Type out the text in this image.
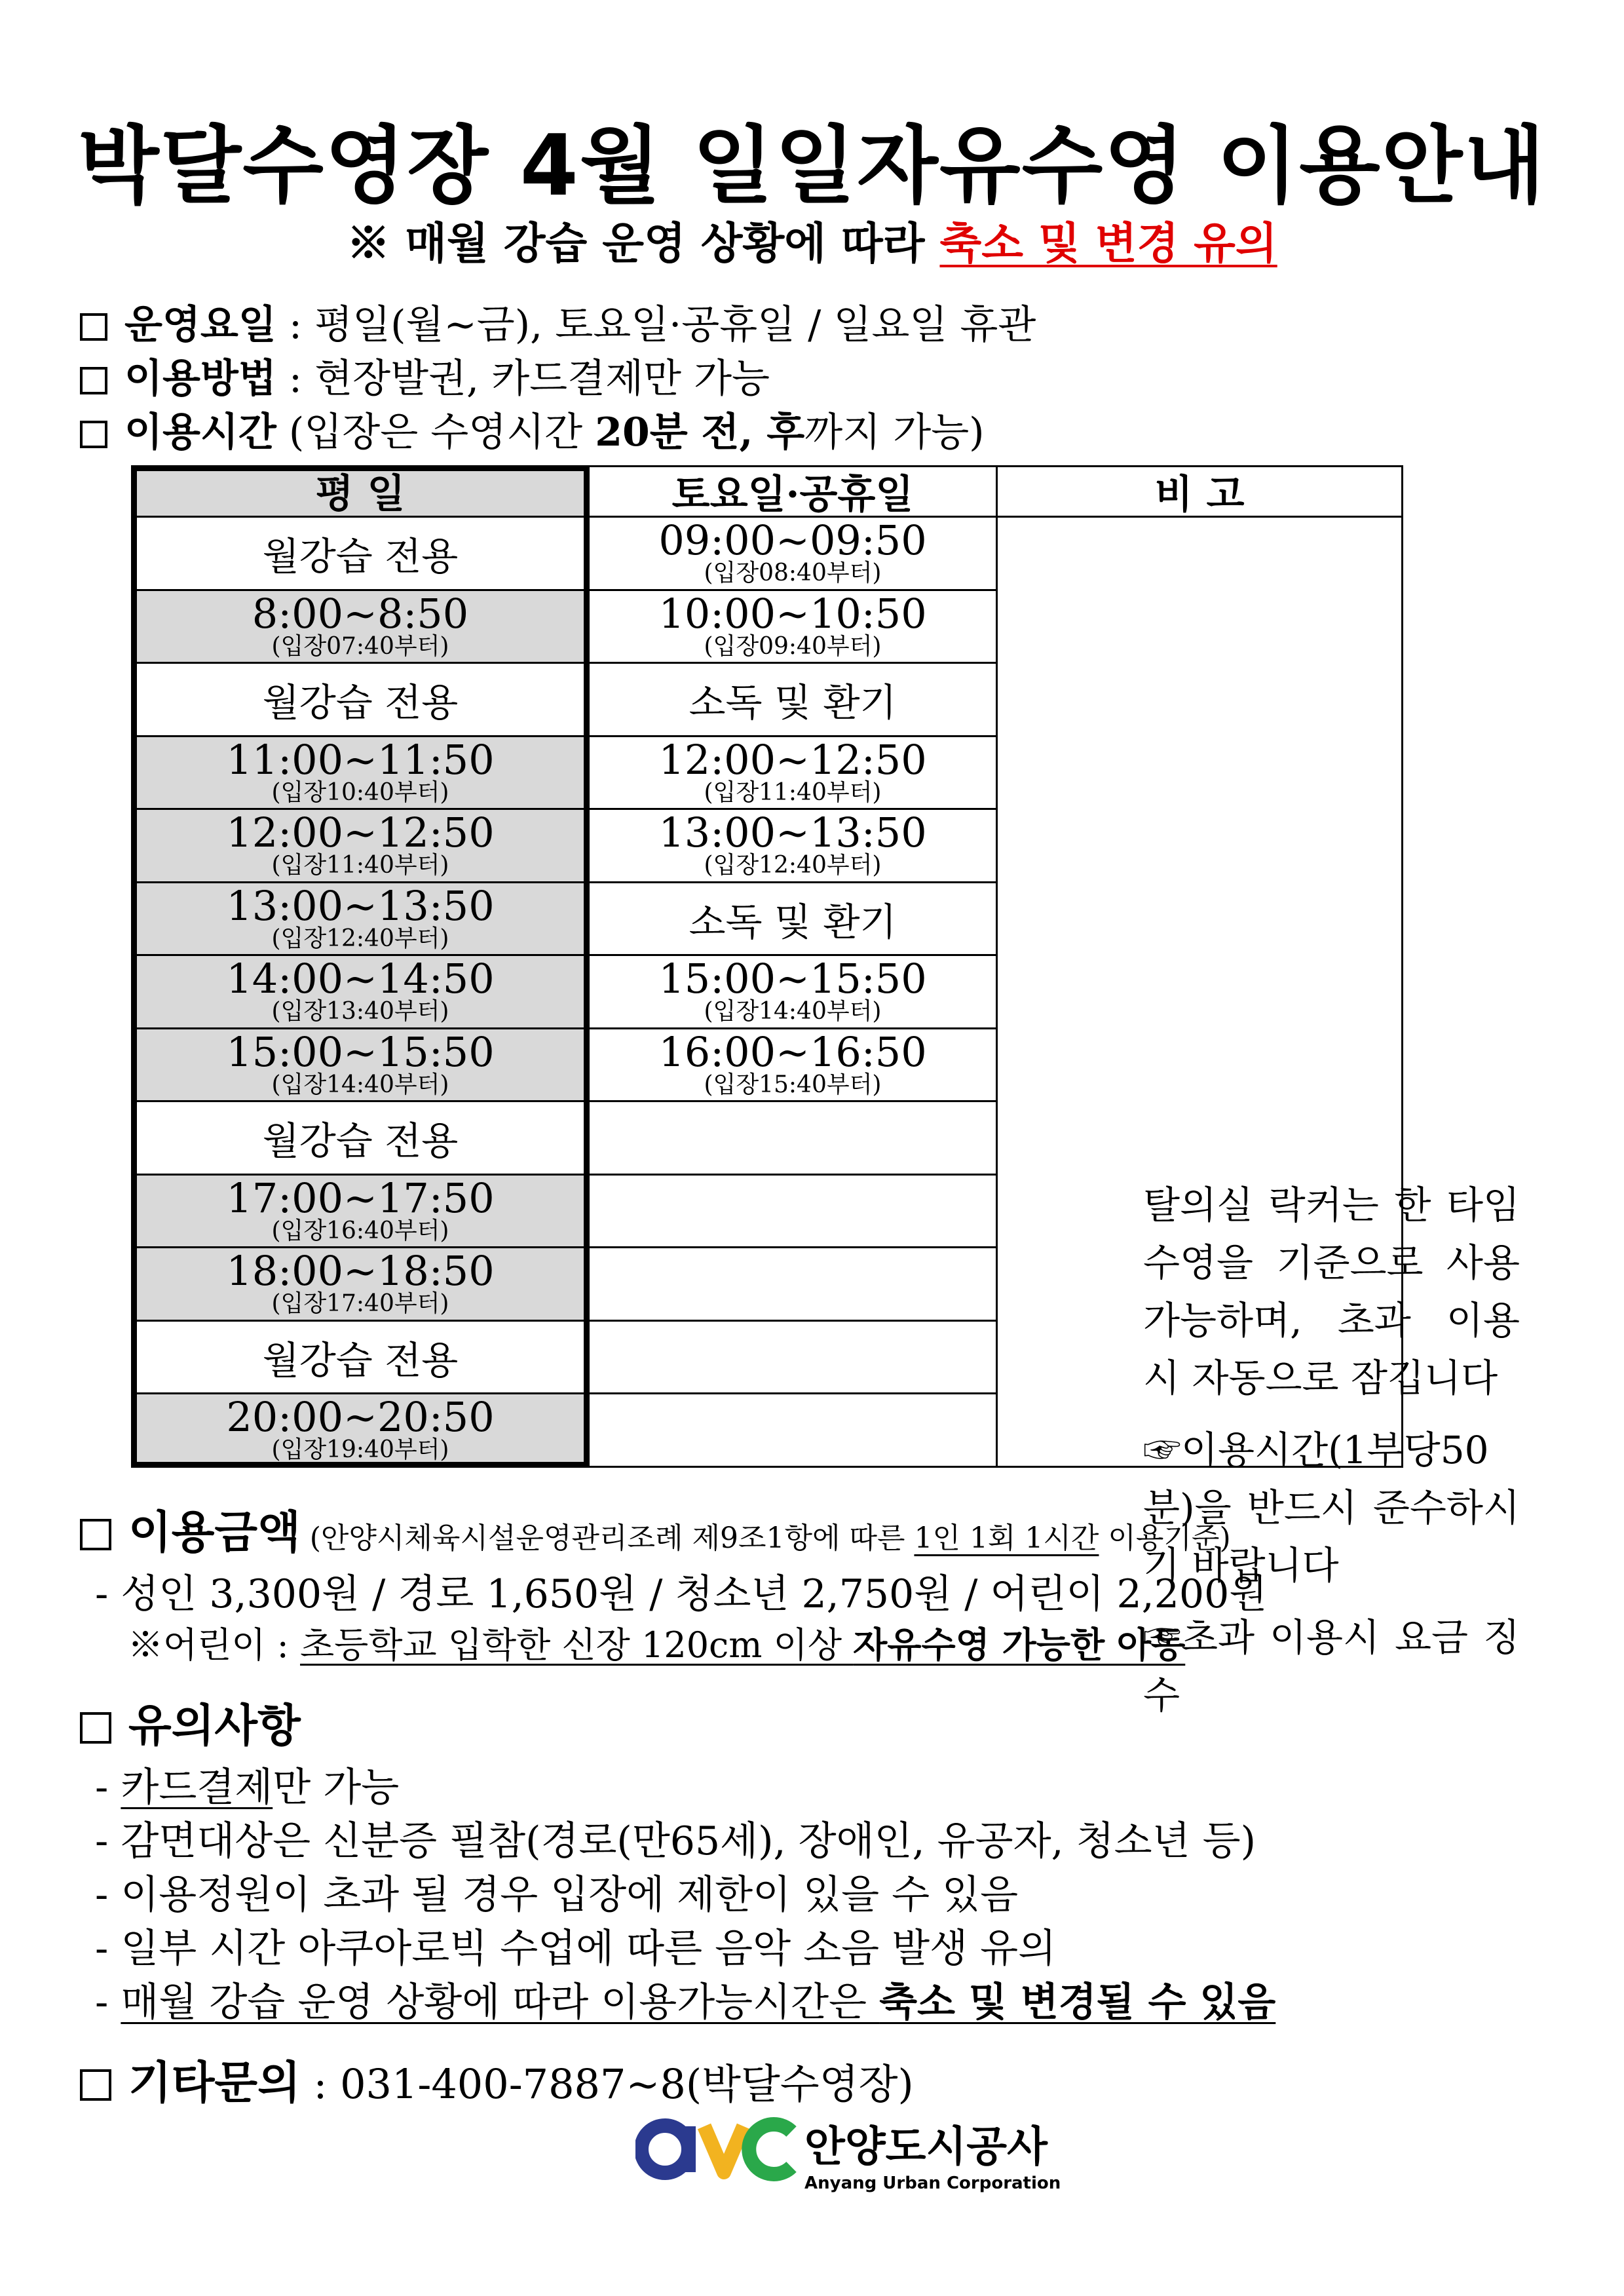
박달수영장 4월 일일자유수영 이용안내
※ 매월 강습 운영 상황에 따라 축소 및 변경 유의
운영요일 : 평일(월~금), 토요일·공휴일 / 일요일 휴관
이용방법 : 현장발권, 카드결제만 가능
이용시간 (입장은 수영시간 20분 전, 후까지 가능)
평 일	토요일·공휴일	비 고
월강습 전용
8:00~8:50
(입장07:40부터)
월강습 전용
11:00~11:50
(입장10:40부터)
12:00~12:50
(입장11:40부터)
13:00~13:50
(입장12:40부터)
14:00~14:50
(입장13:40부터)
15:00~15:50
(입장14:40부터)
월강습 전용
17:00~17:50
(입장16:40부터)
18:00~18:50
(입장17:40부터)
월강습 전용
20:00~20:50
(입장19:40부터)
09:00~09:50
(입장08:40부터)
10:00~10:50
(입장09:40부터)
소독 및 환기
12:00~12:50
(입장11:40부터)
13:00~13:50
(입장12:40부터)
소독 및 환기
15:00~15:50
(입장14:40부터)
16:00~16:50
(입장15:40부터)

탈의실 락커는 한 타임 수영을 기준으로 사용 가능하며, 초과 이용 시 자동으로 잠깁니다

☞이용시간(1부당50분)을 반드시 준수하시기 바랍니다

☞초과 이용시 요금 징수

이용금액 (안양시체육시설운영관리조례 제9조1항에 따른 1인 1회 1시간 이용기준)
- 성인 3,300원 / 경로 1,650원 / 청소년 2,750원 / 어린이 2,200원
※어린이 : 초등학교 입학한 신장 120cm 이상 자유수영 가능한 아동
유의사항
- 카드결제만 가능
- 감면대상은 신분증 필참(경로(만65세), 장애인, 유공자, 청소년 등)
- 이용정원이 초과 될 경우 입장에 제한이 있을 수 있음
- 일부 시간 아쿠아로빅 수업에 따른 음악 소음 발생 유의
- 매월 강습 운영 상황에 따라 이용가능시간은 축소 및 변경될 수 있음
기타문의 : 031-400-7887~8(박달수영장)
안양도시공사
Anyang Urban Corporation
